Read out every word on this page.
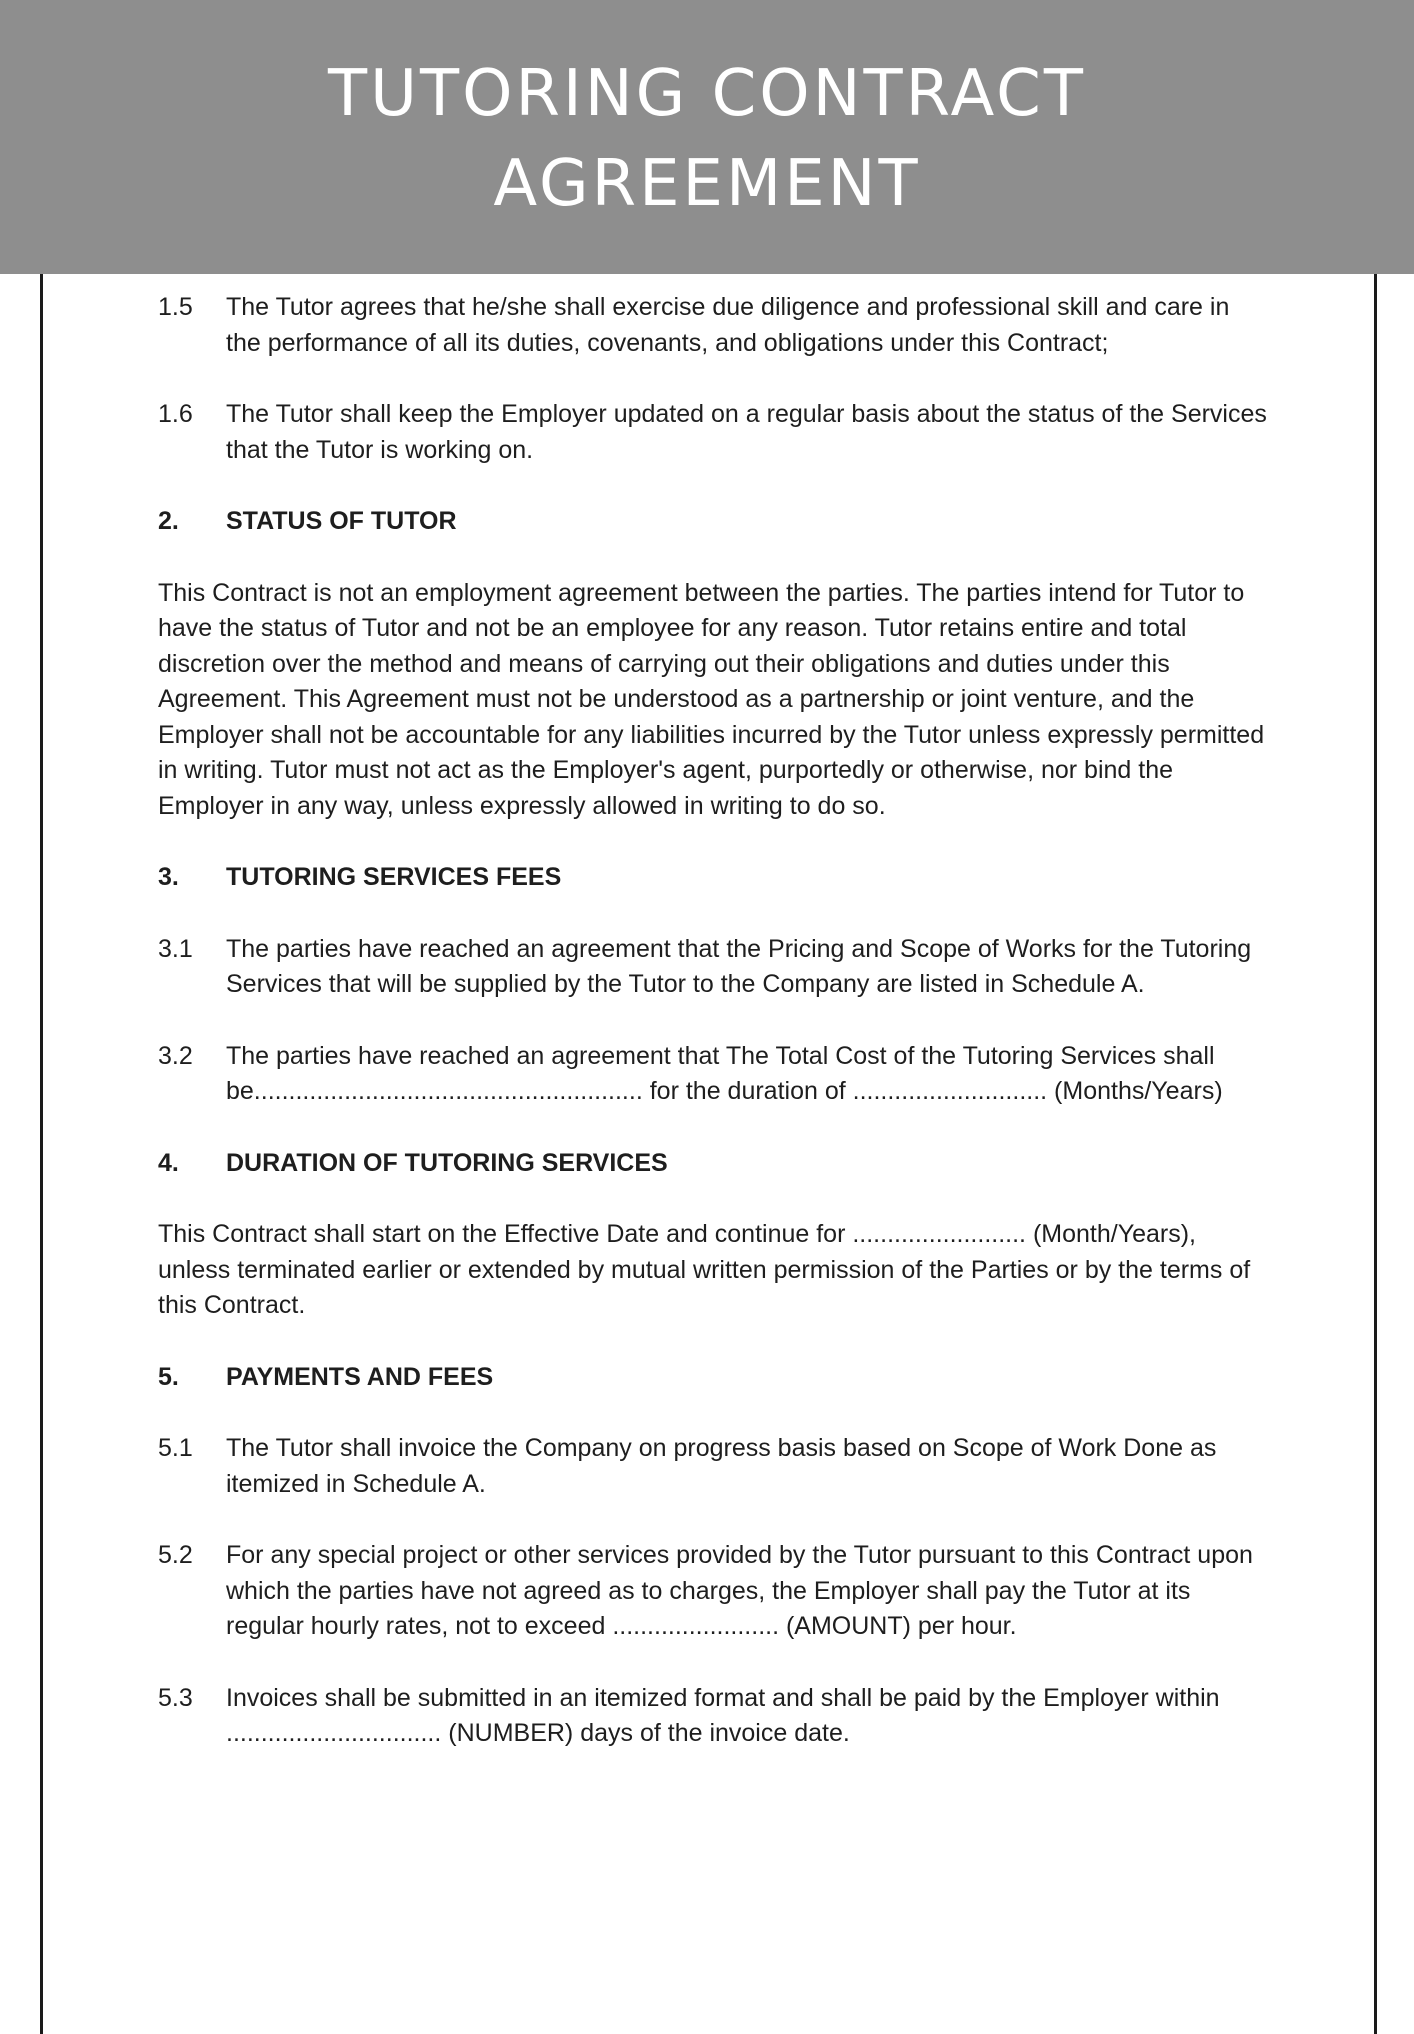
TUTORING CONTRACT
AGREEMENT
1.5	The Tutor agrees that he/she shall exercise due diligence and professional skill and care in the performance of all its duties, covenants, and obligations under this Contract;

1.6	The Tutor shall keep the Employer updated on a regular basis about the status of the Services that the Tutor is working on.

2.	STATUS OF TUTOR

This Contract is not an employment agreement between the parties. The parties intend for Tutor to have the status of Tutor and not be an employee for any reason. Tutor retains entire and total discretion over the method and means of carrying out their obligations and duties under this Agreement. This Agreement must not be understood as a partnership or joint venture, and the Employer shall not be accountable for any liabilities incurred by the Tutor unless expressly permitted in writing. Tutor must not act as the Employer's agent, purportedly or otherwise, nor bind the Employer in any way, unless expressly allowed in writing to do so.

3.	TUTORING SERVICES FEES
3.1	The parties have reached an agreement that the Pricing and Scope of Works for the Tutoring Services that will be supplied by the Tutor to the Company are listed in Schedule A.

3.2	The parties have reached an agreement that The Total Cost of the Tutoring Services shall be........................................................ for the duration of ............................ (Months/Years)

4.	DURATION OF TUTORING SERVICES

This Contract shall start on the Effective Date and continue for ......................... (Month/Years), unless terminated earlier or extended by mutual written permission of the Parties or by the terms of this Contract.

5.	PAYMENTS AND FEES
5.1	The Tutor shall invoice the Company on progress basis based on Scope of Work Done as itemized in Schedule A.

5.2	For any special project or other services provided by the Tutor pursuant to this Contract upon which the parties have not agreed as to charges, the Employer shall pay the Tutor at its regular hourly rates, not to exceed ........................ (AMOUNT) per hour.

5.3	Invoices shall be submitted in an itemized format and shall be paid by the Employer within ............................... (NUMBER) days of the invoice date.
